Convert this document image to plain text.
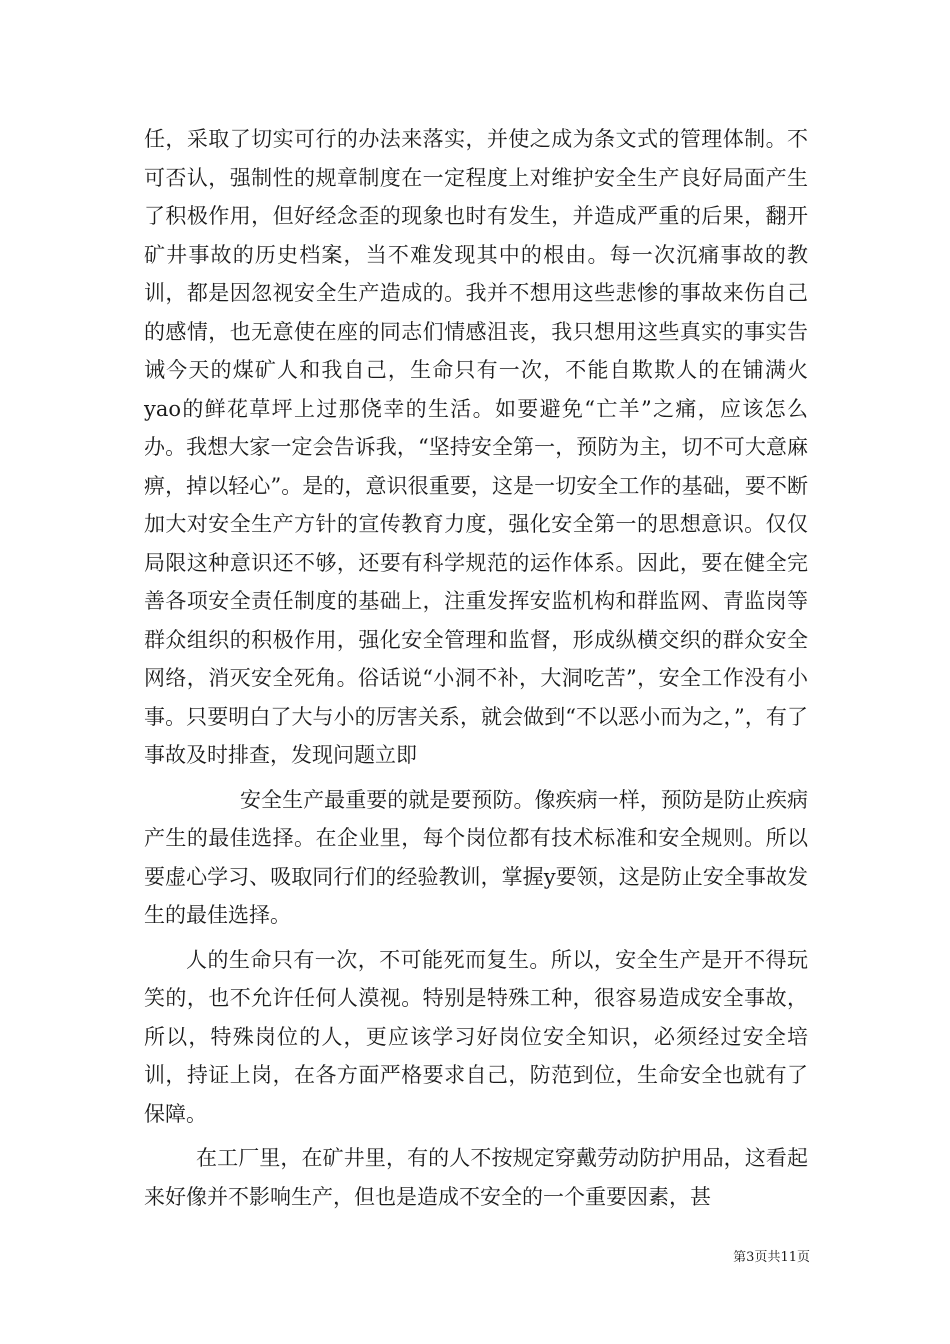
任，采取了切实可行的办法来落实，并使之成为条文式的管理体制。不可否认，强制性的规章制度在一定程度上对维护安全生产良好局面产生了积极作用，但好经念歪的现象也时有发生，并造成严重的后果，翻开矿井事故的历史档案，当不难发现其中的根由。每一次沉痛事故的教训，都是因忽视安全生产造成的。我并不想用这些悲惨的事故来伤自己的感情，也无意使在座的同志们情感沮丧，我只想用这些真实的事实告诫今天的煤矿人和我自己，生命只有一次，不能自欺欺人的在铺满火yao的鲜花草坪上过那侥幸的生活。如要避免“亡羊”之痛，应该怎么办。我想大家一定会告诉我，“坚持安全第一，预防为主，切不可大意麻痹，掉以轻心”。是的，意识很重要，这是一切安全工作的基础，要不断加大对安全生产方针的宣传教育力度，强化安全第一的思想意识。仅仅局限这种意识还不够，还要有科学规范的运作体系。因此，要在健全完善各项安全责任制度的基础上，注重发挥安监机构和群监网、青监岗等群众组织的积极作用，强化安全管理和监督，形成纵横交织的群众安全网络，消灭安全死角。俗话说“小洞不补，大洞吃苦”，安全工作没有小事。只要明白了大与小的厉害关系，就会做到“不以恶小而为之，”，有了事故及时排查，发现问题立即

安全生产最重要的就是要预防。像疾病一样，预防是防止疾病产生的最佳选择。在企业里，每个岗位都有技术标准和安全规则。所以要虚心学习、吸取同行们的经验教训，掌握y要领，这是防止安全事故发生的最佳选择。

人的生命只有一次，不可能死而复生。所以，安全生产是开不得玩笑的，也不允许任何人漠视。特别是特殊工种，很容易造成安全事故，所以，特殊岗位的人，更应该学习好岗位安全知识，必须经过安全培训，持证上岗，在各方面严格要求自己，防范到位，生命安全也就有了保障。

在工厂里，在矿井里，有的人不按规定穿戴劳动防护用品，这看起来好像并不影响生产，但也是造成不安全的一个重要因素，甚

第3页共11页
